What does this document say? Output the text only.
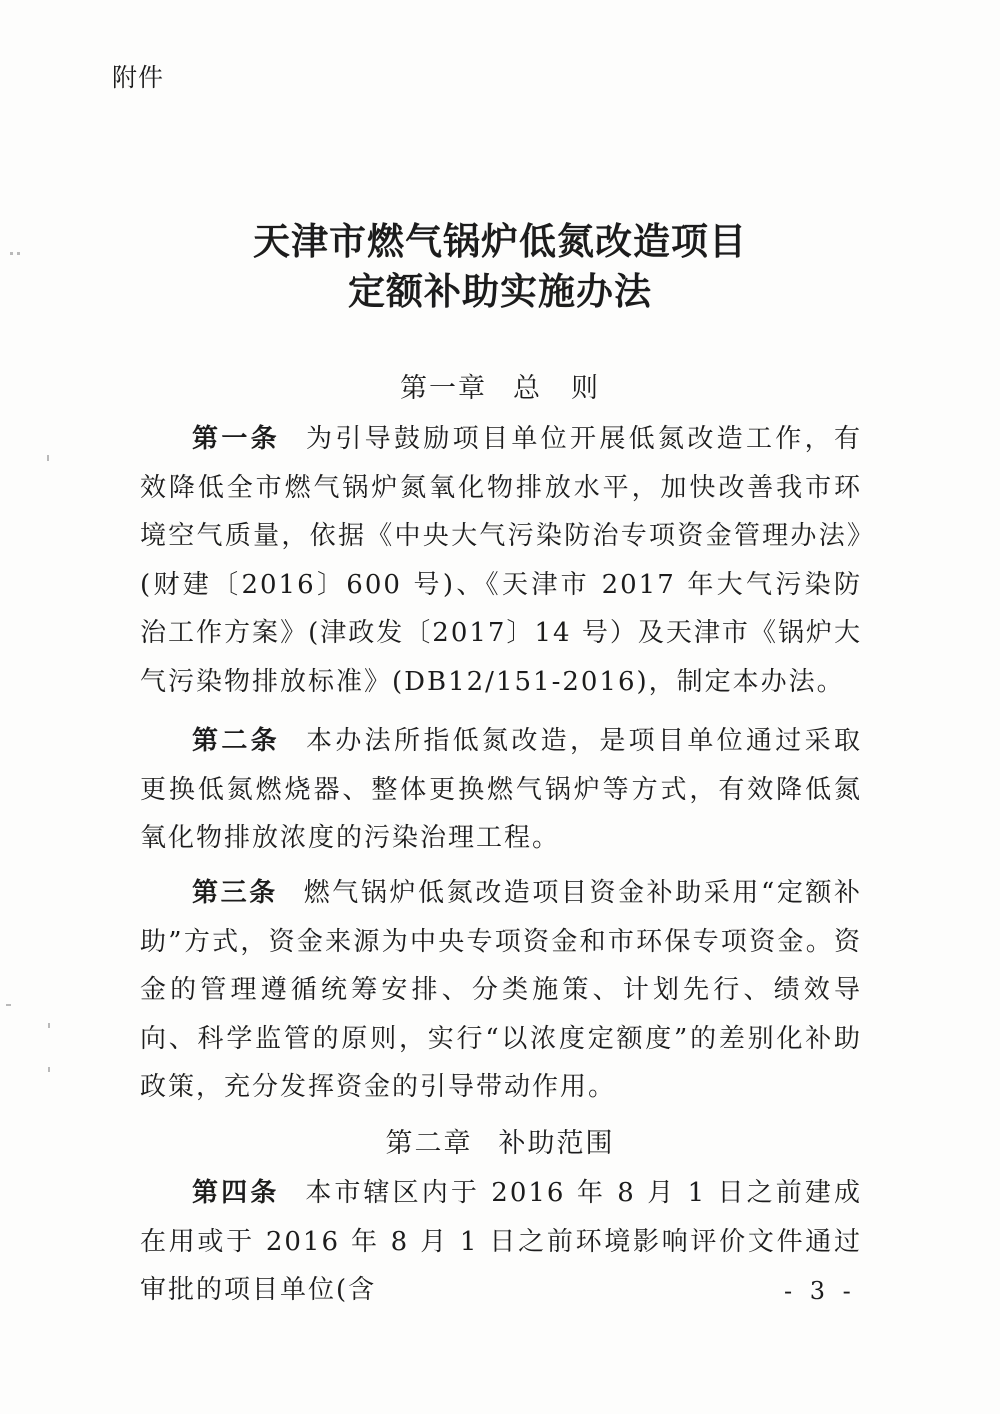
附件
天津市燃气锅炉低氮改造项目
定额补助实施办法
第一章 总　则
第一条 为引导鼓励项目单位开展低氮改造工作，有效降低全市燃气锅炉氮氧化物排放水平，加快改善我市环境空气质量，依据《中央大气污染防治专项资金管理办法》(财建〔2016〕600 号)、《天津市 2017 年大气污染防治工作方案》(津政发〔2017〕14 号）及天津市《锅炉大气污染物排放标准》(DB12/151-2016)，制定本办法。
第二条 本办法所指低氮改造，是项目单位通过采取更换低氮燃烧器、整体更换燃气锅炉等方式，有效降低氮氧化物排放浓度的污染治理工程。
第三条 燃气锅炉低氮改造项目资金补助采用“定额补助”方式，资金来源为中央专项资金和市环保专项资金。资金的管理遵循统筹安排、分类施策、计划先行、绩效导向、科学监管的原则，实行“以浓度定额度”的差别化补助政策，充分发挥资金的引导带动作用。
第二章 补助范围
第四条 本市辖区内于 2016 年 8 月 1 日之前建成在用或于 2016 年 8 月 1 日之前环境影响评价文件通过审批的项目单位(含	- 3 -
